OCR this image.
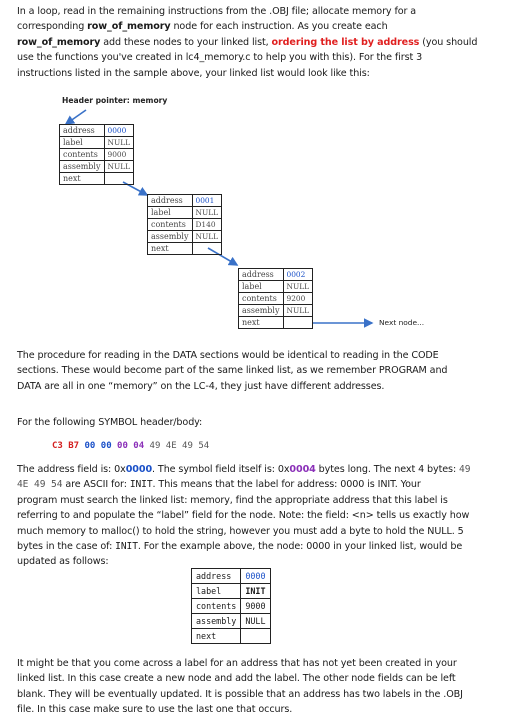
In a loop, read in the remaining instructions from the .OBJ file; allocate memory for a
corresponding row_of_memory node for each instruction. As you create each
row_of_memory add these nodes to your linked list, ordering the list by address (you should
use the functions you've created in lc4_memory.c to help you with this). For the first 3
instructions listed in the sample above, your linked list would look like this:
Header pointer: memory
address	0000
label	NULL
contents	9000
assembly	NULL
next	
address	0001
label	NULL
contents	D140
assembly	NULL
next	
address	0002
label	NULL
contents	9200
assembly	NULL
next		Next node...
The procedure for reading in the DATA sections would be identical to reading in the CODE
sections. These would become part of the same linked list, as we remember PROGRAM and
DATA are all in one “memory” on the LC-4, they just have different addresses.
For the following SYMBOL header/body:
C3 B7 00 00 00 04 49 4E 49 54
The address field is: 0x0000. The symbol field itself is: 0x0004 bytes long. The next 4 bytes: 49
4E 49 54 are ASCII for: INIT. This means that the label for address: 0000 is INIT. Your
program must search the linked list: memory, find the appropriate address that this label is
referring to and populate the “label” field for the node. Note: the field: <n> tells us exactly how
much memory to malloc() to hold the string, however you must add a byte to hold the NULL. 5
bytes in the case of: INIT. For the example above, the node: 0000 in your linked list, would be
updated as follows:
address	0000
label	INIT
contents	9000
assembly	NULL
next	
It might be that you come across a label for an address that has not yet been created in your
linked list. In this case create a new node and add the label. The other node fields can be left
blank. They will be eventually updated. It is possible that an address has two labels in the .OBJ
file. In this case make sure to use the last one that occurs.
